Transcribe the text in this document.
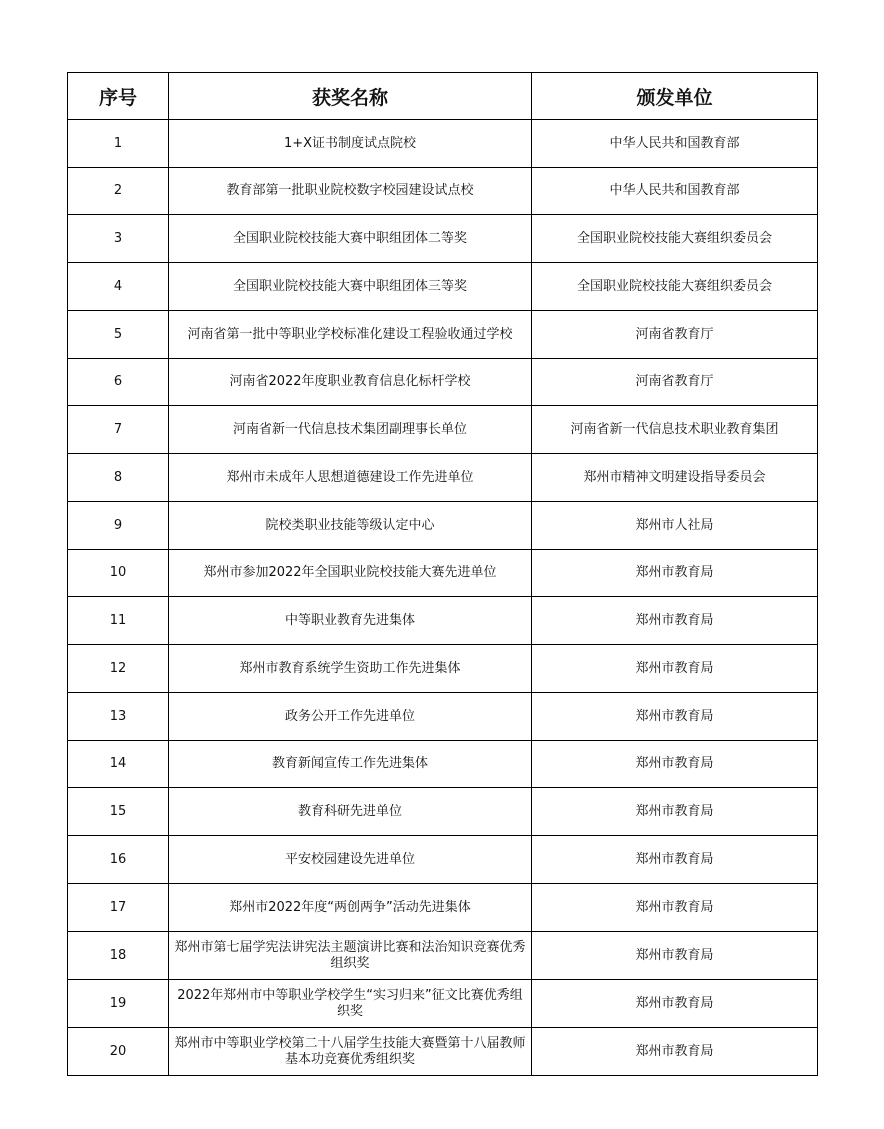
序号	获奖名称	颁发单位
1	1+X证书制度试点院校	中华人民共和国教育部
2	教育部第一批职业院校数字校园建设试点校	中华人民共和国教育部
3	全国职业院校技能大赛中职组团体二等奖	全国职业院校技能大赛组织委员会
4	全国职业院校技能大赛中职组团体三等奖	全国职业院校技能大赛组织委员会
5	河南省第一批中等职业学校标准化建设工程验收通过学校	河南省教育厅
6	河南省2022年度职业教育信息化标杆学校	河南省教育厅
7	河南省新一代信息技术集团副理事长单位	河南省新一代信息技术职业教育集团
8	郑州市未成年人思想道德建设工作先进单位	郑州市精神文明建设指导委员会
9	院校类职业技能等级认定中心	郑州市人社局
10	郑州市参加2022年全国职业院校技能大赛先进单位	郑州市教育局
11	中等职业教育先进集体	郑州市教育局
12	郑州市教育系统学生资助工作先进集体	郑州市教育局
13	政务公开工作先进单位	郑州市教育局
14	教育新闻宣传工作先进集体	郑州市教育局
15	教育科研先进单位	郑州市教育局
16	平安校园建设先进单位	郑州市教育局
17	郑州市2022年度“两创两争”活动先进集体	郑州市教育局
18	郑州市第七届学宪法讲宪法主题演讲比赛和法治知识竞赛优秀组织奖	郑州市教育局
19	2022年郑州市中等职业学校学生“实习归来”征文比赛优秀组织奖	郑州市教育局
20	郑州市中等职业学校第二十八届学生技能大赛暨第十八届教师基本功竞赛优秀组织奖	郑州市教育局
